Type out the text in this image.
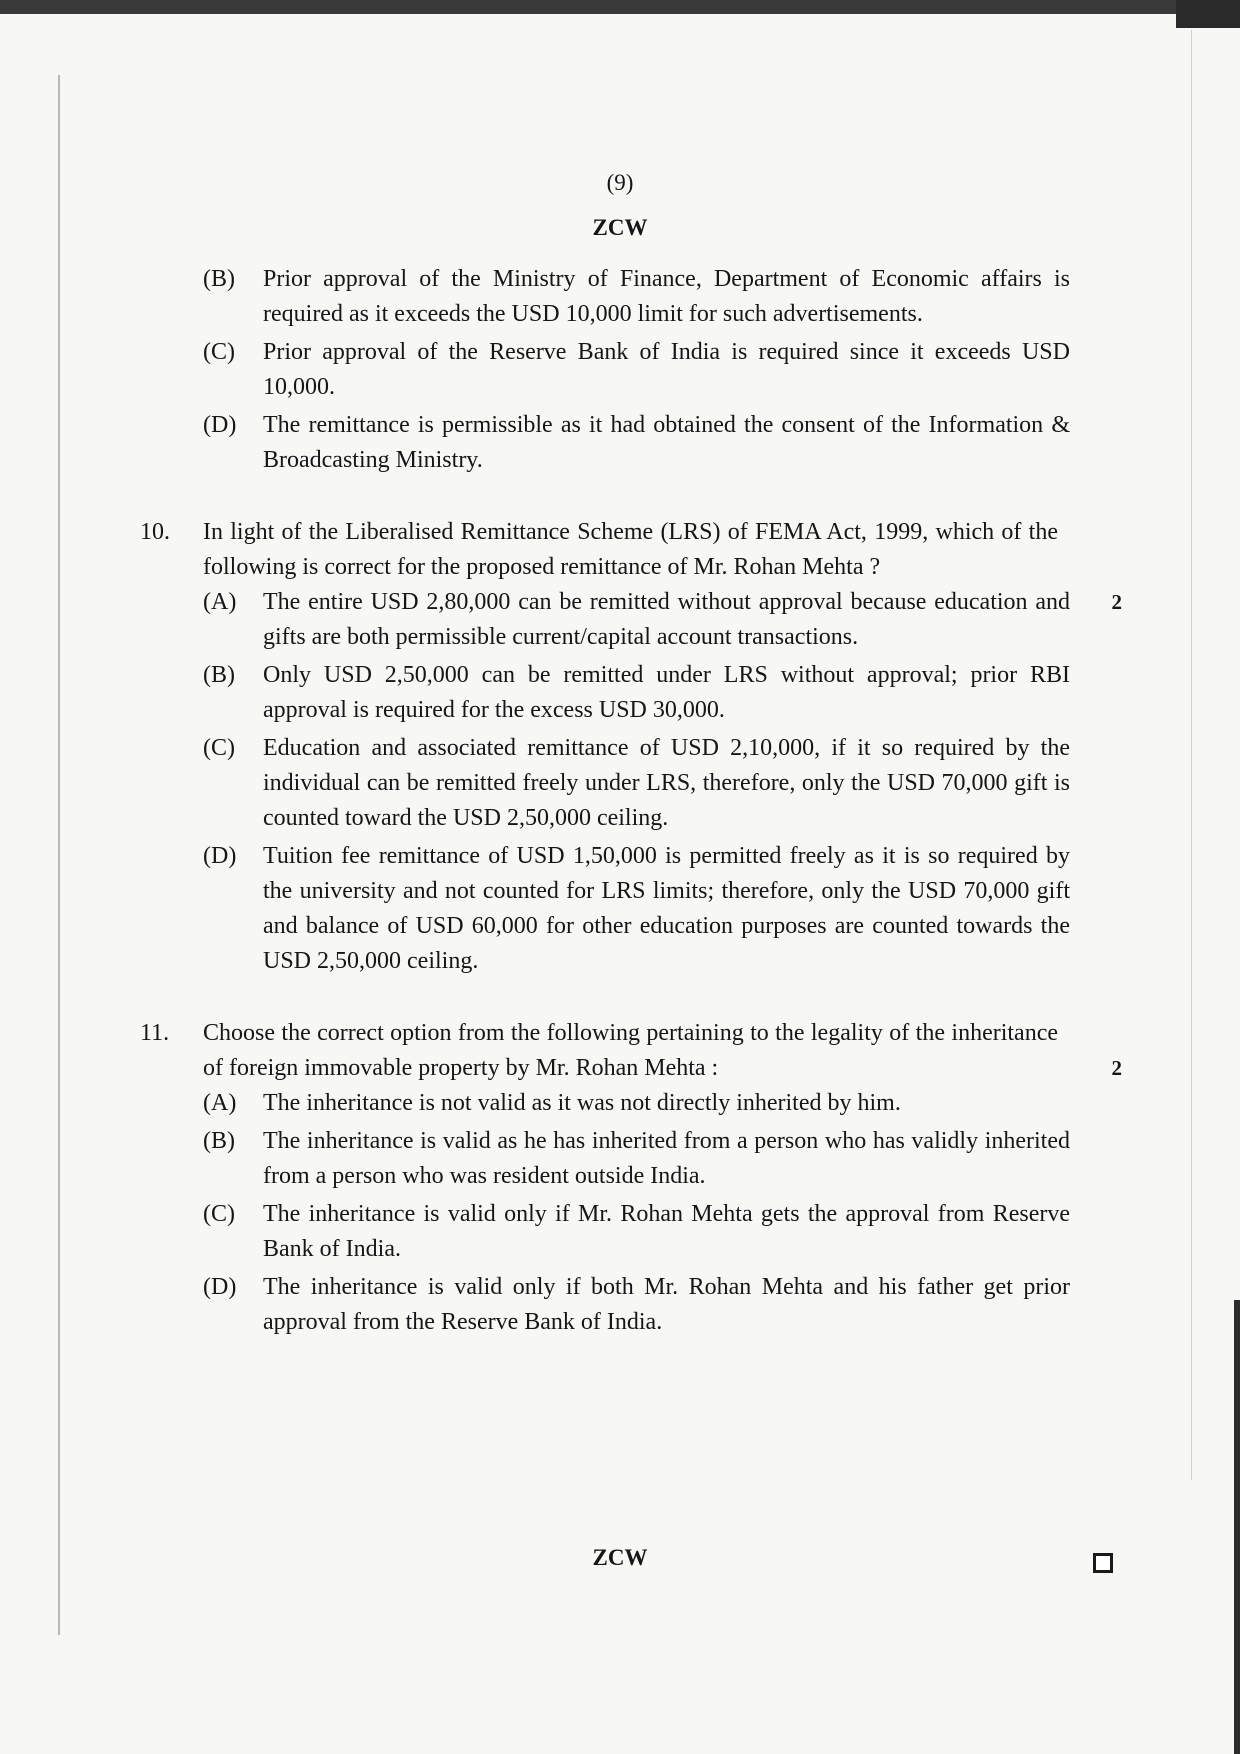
(9)
ZCW
(B)	Prior approval of the Ministry of Finance, Department of Economic affairs is required as it exceeds the USD 10,000 limit for such advertisements.
(C)	Prior approval of the Reserve Bank of India is required since it exceeds USD 10,000.
(D)	The remittance is permissible as it had obtained the consent of the Information & Broadcasting Ministry.
10.	In light of the Liberalised Remittance Scheme (LRS) of FEMA Act, 1999, which of the following is correct for the proposed remittance of Mr. Rohan Mehta ?
2
(A)	The entire USD 2,80,000 can be remitted without approval because education and gifts are both permissible current/capital account transactions.
(B)	Only USD 2,50,000 can be remitted under LRS without approval; prior RBI approval is required for the excess USD 30,000.
(C)	Education and associated remittance of USD 2,10,000, if it so required by the individual can be remitted freely under LRS, therefore, only the USD 70,000 gift is counted toward the USD 2,50,000 ceiling.
(D)	Tuition fee remittance of USD 1,50,000 is permitted freely as it is so required by the university and not counted for LRS limits; therefore, only the USD 70,000 gift and balance of USD 60,000 for other education purposes are counted towards the USD 2,50,000 ceiling.
11.	Choose the correct option from the following pertaining to the legality of the inheritance of foreign immovable property by Mr. Rohan Mehta :	2
(A)	The inheritance is not valid as it was not directly inherited by him.
(B)	The inheritance is valid as he has inherited from a person who has validly inherited from a person who was resident outside India.
(C)	The inheritance is valid only if Mr. Rohan Mehta gets the approval from Reserve Bank of India.
(D)	The inheritance is valid only if both Mr. Rohan Mehta and his father get prior approval from the Reserve Bank of India.
ZCW
